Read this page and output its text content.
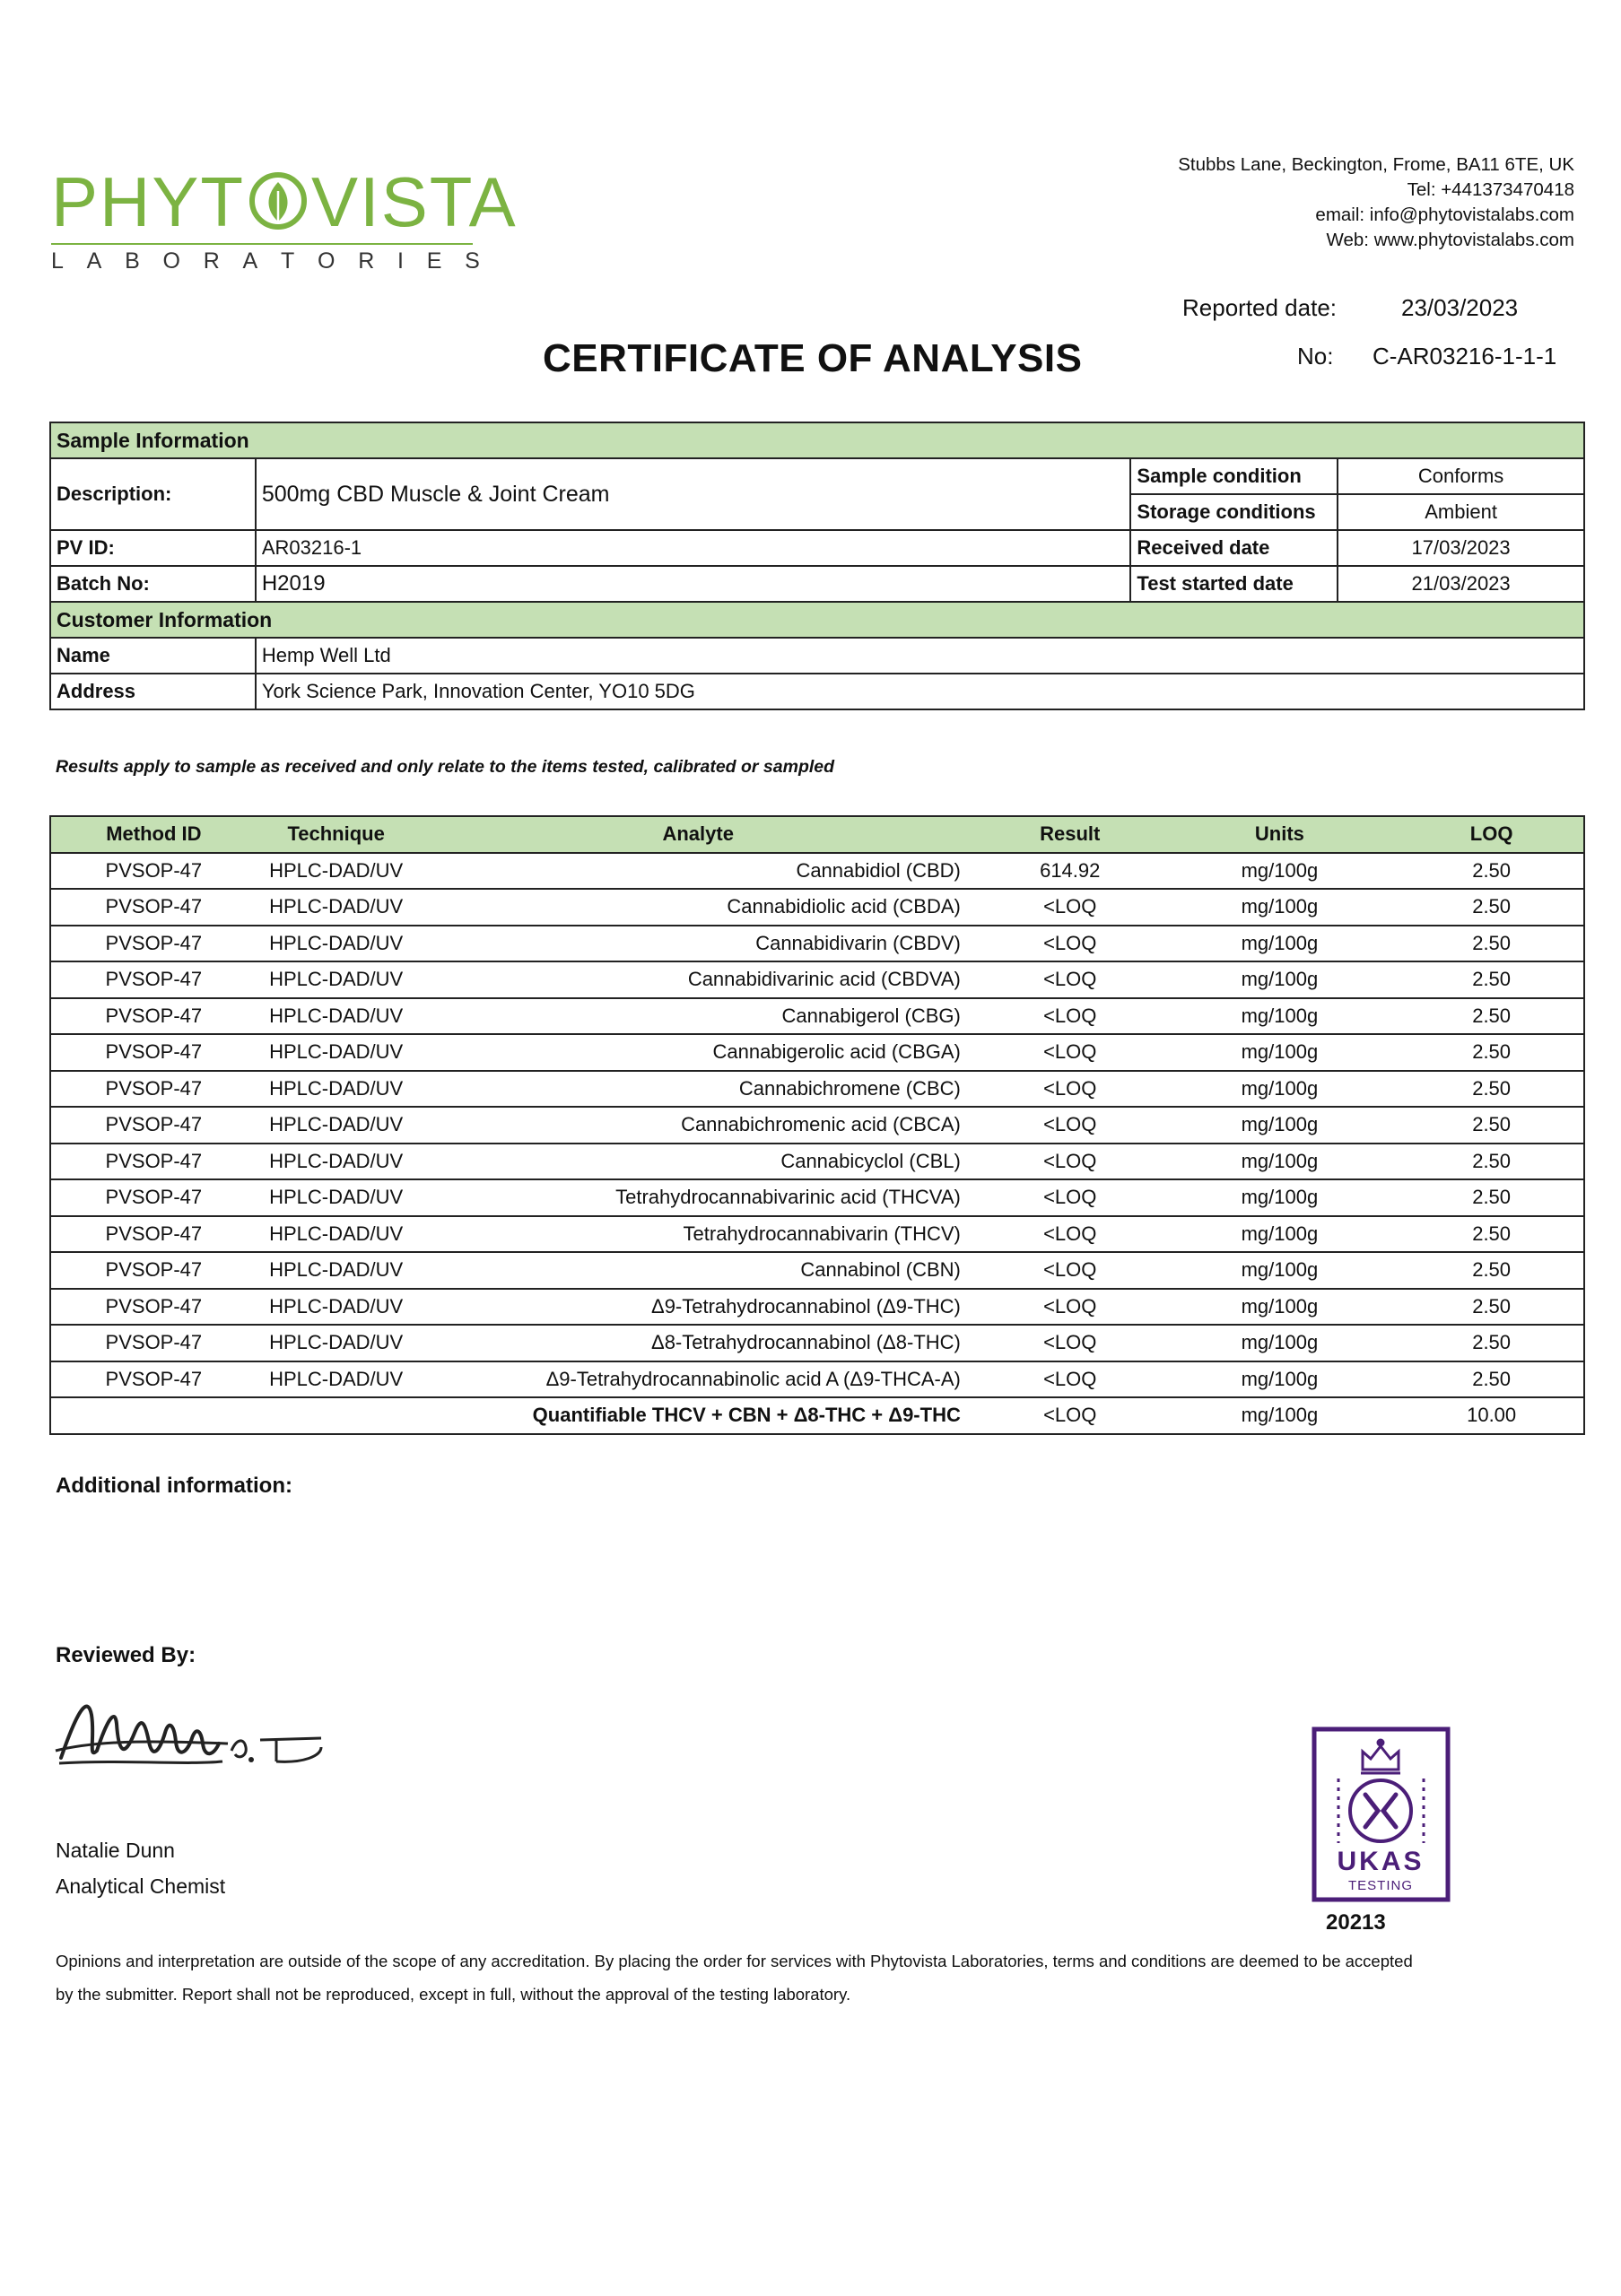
PHYT VISTA
L A B O R A T O R I E S
Stubbs Lane, Beckington, Frome, BA11 6TE, UK
Tel: +441373470418
email: info@phytovistalabs.com
Web: www.phytovistalabs.com
Reported date:	23/03/2023
CERTIFICATE OF ANALYSIS	No: C-AR03216-1-1-1
Sample Information			
Description:	500mg CBD Muscle & Joint Cream	Sample condition	Conforms
		Storage conditions	Ambient
PV ID:	AR03216-1	Received date	17/03/2023
Batch No:	H2019	Test started date	21/03/2023
Customer Information			
Name	Hemp Well Ltd		
Address	York Science Park, Innovation Center, YO10 5DG		
Results apply to sample as received and only relate to the items tested, calibrated or sampled
Method ID	Technique	Analyte	Result	Units	LOQ
PVSOP-47	HPLC-DAD/UV	Cannabidiol (CBD)	614.92	mg/100g	2.50
PVSOP-47	HPLC-DAD/UV	Cannabidiolic acid (CBDA)	<LOQ	mg/100g	2.50
PVSOP-47	HPLC-DAD/UV	Cannabidivarin (CBDV)	<LOQ	mg/100g	2.50
PVSOP-47	HPLC-DAD/UV	Cannabidivarinic acid (CBDVA)	<LOQ	mg/100g	2.50
PVSOP-47	HPLC-DAD/UV	Cannabigerol (CBG)	<LOQ	mg/100g	2.50
PVSOP-47	HPLC-DAD/UV	Cannabigerolic acid (CBGA)	<LOQ	mg/100g	2.50
PVSOP-47	HPLC-DAD/UV	Cannabichromene (CBC)	<LOQ	mg/100g	2.50
PVSOP-47	HPLC-DAD/UV	Cannabichromenic acid (CBCA)	<LOQ	mg/100g	2.50
PVSOP-47	HPLC-DAD/UV	Cannabicyclol (CBL)	<LOQ	mg/100g	2.50
PVSOP-47	HPLC-DAD/UV	Tetrahydrocannabivarinic acid (THCVA)	<LOQ	mg/100g	2.50
PVSOP-47	HPLC-DAD/UV	Tetrahydrocannabivarin (THCV)	<LOQ	mg/100g	2.50
PVSOP-47	HPLC-DAD/UV	Cannabinol (CBN)	<LOQ	mg/100g	2.50
PVSOP-47	HPLC-DAD/UV	Δ9-Tetrahydrocannabinol (Δ9-THC)	<LOQ	mg/100g	2.50
PVSOP-47	HPLC-DAD/UV	Δ8-Tetrahydrocannabinol (Δ8-THC)	<LOQ	mg/100g	2.50
PVSOP-47	HPLC-DAD/UV	Δ9-Tetrahydrocannabinolic acid A (Δ9-THCA-A)	<LOQ	mg/100g	2.50
		Quantifiable THCV + CBN + Δ8-THC + Δ9-THC	<LOQ	mg/100g	10.00
Additional information:
Reviewed By:
Natalie Dunn
Analytical Chemist
UKAS
TESTING
20213
Opinions and interpretation are outside of the scope of any accreditation. By placing the order for services with Phytovista Laboratories, terms and conditions are deemed to be accepted
by the submitter. Report shall not be reproduced, except in full, without the approval of the testing laboratory.
